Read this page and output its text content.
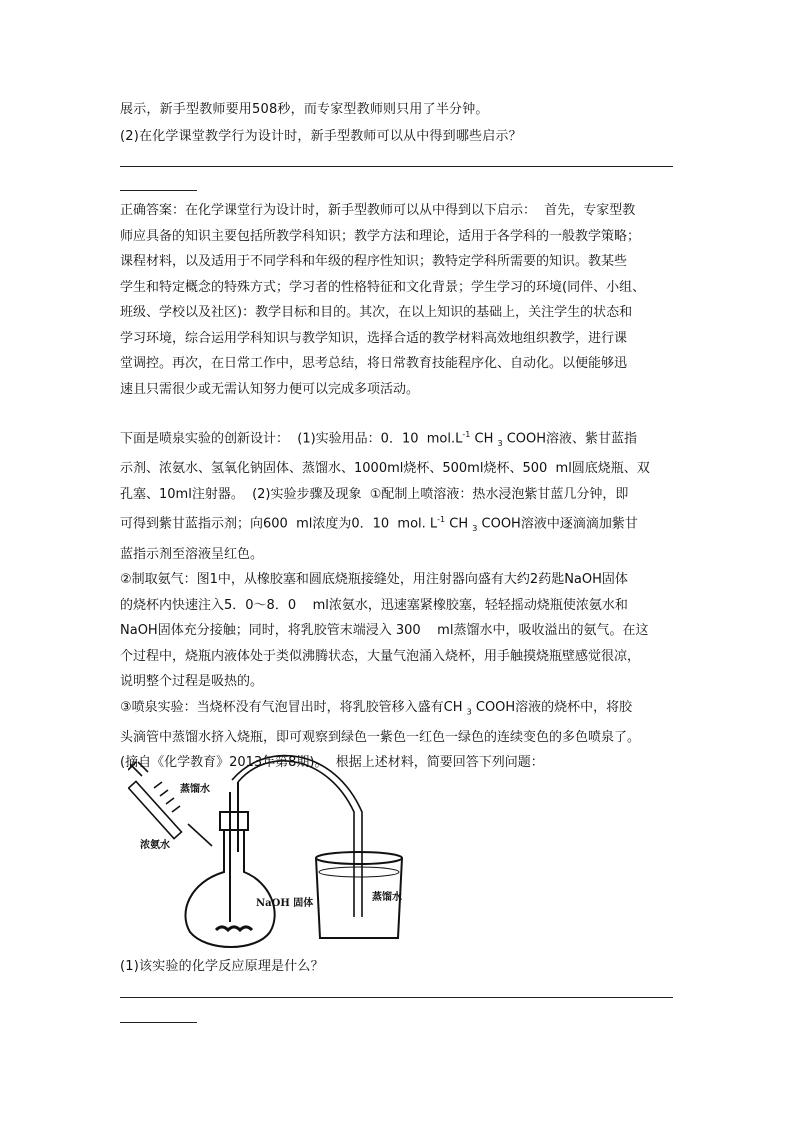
展示，新手型教师要用508秒，而专家型教师则只用了半分钟。
(2)在化学课堂教学行为设计时，新手型教师可以从中得到哪些启示？

正确答案：在化学课堂行为设计时，新手型教师可以从中得到以下启示：  首先，专家型教

师应具备的知识主要包括所教学科知识；教学方法和理论，适用于各学科的一般教学策略；

课程材料，以及适用于不同学科和年级的程序性知识；教特定学科所需要的知识。教某些

学生和特定概念的特殊方式；学习者的性格特征和文化背景；学生学习的环境(同伴、小组、

班级、学校以及社区)：教学目标和目的。其次，在以上知识的基础上，关注学生的状态和

学习环境，综合运用学科知识与教学知识，选择合适的教学材料高效地组织教学，进行课

堂调控。再次，在日常工作中，思考总结，将日常教育技能程序化、自动化。以便能够迅

速且只需很少或无需认知努力便可以完成多项活动。

下面是喷泉实验的创新设计：  (1)实验用品：0．10  $mol.L^{-1}$ CH $_3$ COOH溶液、紫甘蓝指

示剂、浓氨水、氢氧化钠固体、蒸馏水、1000ml烧杯、500ml烧杯、500  ml圆底烧瓶、双

孔塞、10ml注射器。  (2)实验步骤及现象  ①配制上喷溶液：热水浸泡紫甘蓝几分钟，即

可得到紫甘蓝指示剂；向600  ml浓度为0．10  mol. $L^{-1}$ CH $_3$ COOH溶液中逐滴滴加紫甘

蓝指示剂至溶液呈红色。

②制取氨气：图1中，从橡胶塞和圆底烧瓶接缝处，用注射器向盛有大约2药匙NaOH固体

的烧杯内快速注入5．0～8．0    ml浓氨水，迅速塞紧橡胶塞，轻轻摇动烧瓶使浓氨水和

NaOH固体充分接触；同时，将乳胶管末端浸入 300    ml蒸馏水中，吸收溢出的氨气。在这

个过程中，烧瓶内液体处于类似沸腾状态，大量气泡涌入烧杯，用手触摸烧瓶壁感觉很凉，

说明整个过程是吸热的。

③喷泉实验：当烧杯没有气泡冒出时，将乳胶管移入盛有CH $_3$ COOH溶液的烧杯中，将胶

头滴管中蒸馏水挤入烧瓶，即可观察到绿色一紫色一红色一绿色的连续变色的多色喷泉了。

(摘自《化学教育》2013年第8期)。  根据上述材料，简要回答下列问题：

浓氨水
蒸馏水
NaOH 固体
蒸馏水
(1)该实验的化学反应原理是什么？
